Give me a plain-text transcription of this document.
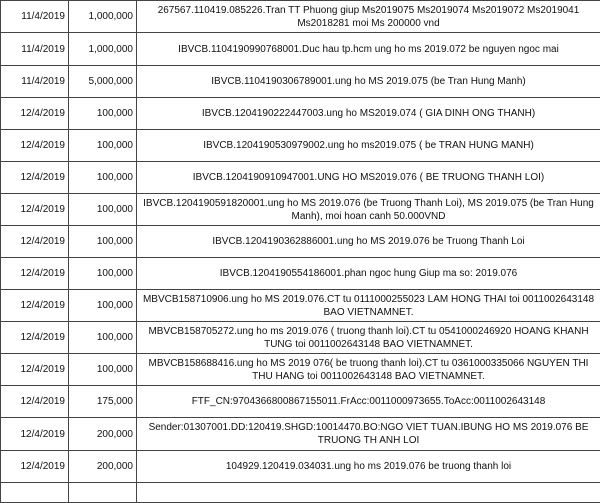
11/4/2019	1,000,000	267567.110419.085226.Tran TT Phuong giup Ms2019075 Ms2019074 Ms2019072 Ms2019041 Ms2018281 moi Ms 200000 vnd
11/4/2019	1,000,000	IBVCB.1104190990768001.Duc hau tp.hcm ung ho ms 2019.072 be nguyen ngoc mai
11/4/2019	5,000,000	IBVCB.1104190306789001.ung ho MS 2019.075 (be Tran Hung Manh)
12/4/2019	100,000	IBVCB.1204190222447003.ung ho MS2019.074 ( GIA DINH ONG THANH)
12/4/2019	100,000	IBVCB.1204190530979002.ung ho ms2019.075 ( be TRAN HUNG MANH)
12/4/2019	100,000	IBVCB.1204190910947001.UNG HO MS2019.076 ( BE TRUONG THANH LOI)
12/4/2019	100,000	IBVCB.1204190591820001.ung ho MS 2019.076 (be Truong Thanh Loi), MS 2019.075 (be Tran Hung Manh), moi hoan canh 50.000VND
12/4/2019	100,000	IBVCB.1204190362886001.ung ho MS 2019.076 be Truong Thanh Loi
12/4/2019	100,000	IBVCB.1204190554186001.phan ngoc hung Giup ma so: 2019.076
12/4/2019	100,000	MBVCB158710906.ung ho MS 2019.076.CT tu 0111000255023 LAM HONG THAI toi 0011002643148 BAO VIETNAMNET.
12/4/2019	100,000	MBVCB158705272.ung ho ms 2019.076 ( truong thanh loi).CT tu 0541000246920 HOANG KHANH TUNG toi 0011002643148 BAO VIETNAMNET.
12/4/2019	100,000	MBVCB158688416.ung ho MS 2019 076( be truong thanh loi).CT tu 0361000335066 NGUYEN THI THU HANG toi 0011002643148 BAO VIETNAMNET.
12/4/2019	175,000	FTF_CN:9704366800867155011.FrAcc:0011000973655.ToAcc:0011002643148
12/4/2019	200,000	Sender:01307001.DD:120419.SHGD:10014470.BO:NGO VIET TUAN.IBUNG HO MS 2019.076 BE TRUONG TH ANH LOI
12/4/2019	200,000	104929.120419.034031.ung ho ms 2019.076 be truong thanh loi
